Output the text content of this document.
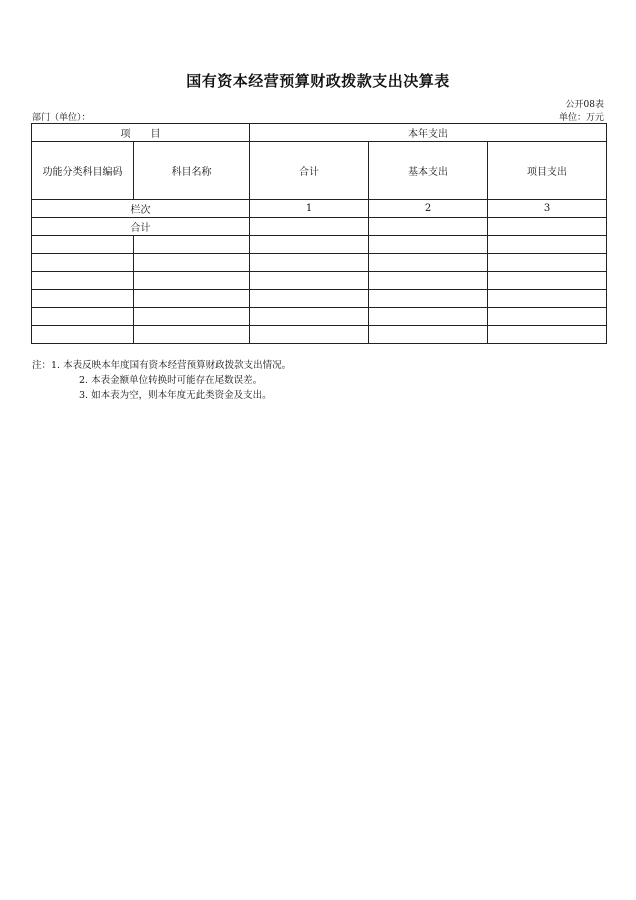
国有资本经营预算财政拨款支出决算表
公开08表
部门（单位）：	单位：万元
项　　目		本年支出		
功能分类科目编码	科目名称	合计	基本支出	项目支出
栏次		1	2	3
合计				

注：1. 本表反映本年度国有资本经营预算财政拨款支出情况。
2. 本表金额单位转换时可能存在尾数误差。
3. 如本表为空，则本年度无此类资金及支出。
